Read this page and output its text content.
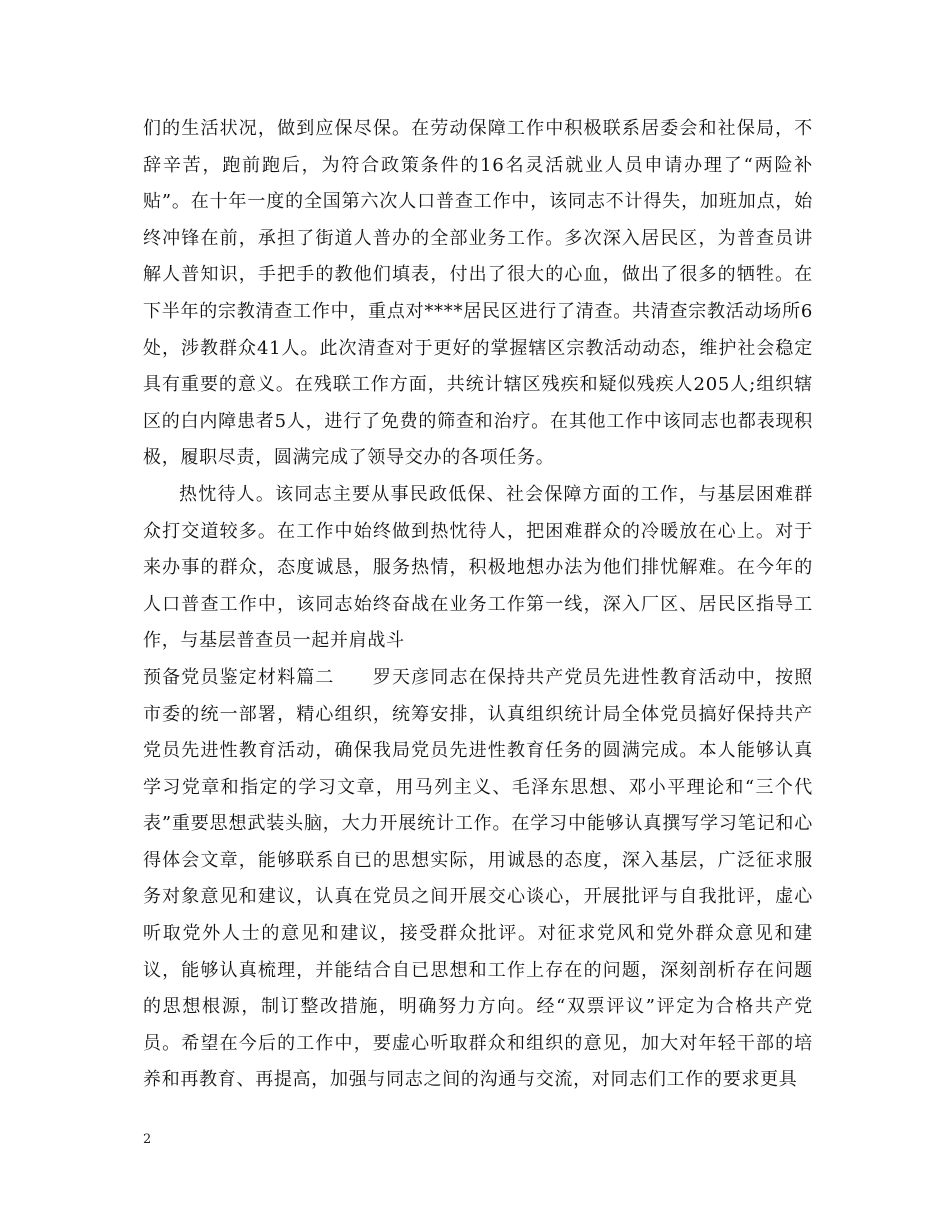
们的生活状况，做到应保尽保。在劳动保障工作中积极联系居委会和社保局，不辞辛苦，跑前跑后，为符合政策条件的16名灵活就业人员申请办理了“两险补贴”。在十年一度的全国第六次人口普查工作中，该同志不计得失，加班加点，始终冲锋在前，承担了街道人普办的全部业务工作。多次深入居民区，为普查员讲解人普知识，手把手的教他们填表，付出了很大的心血，做出了很多的牺牲。在下半年的宗教清查工作中，重点对****居民区进行了清查。共清查宗教活动场所6处，涉教群众41人。此次清查对于更好的掌握辖区宗教活动动态，维护社会稳定具有重要的意义。在残联工作方面，共统计辖区残疾和疑似残疾人205人;组织辖区的白内障患者5人，进行了免费的筛查和治疗。在其他工作中该同志也都表现积极，履职尽责，圆满完成了领导交办的各项任务。

热忱待人。该同志主要从事民政低保、社会保障方面的工作，与基层困难群众打交道较多。在工作中始终做到热忱待人，把困难群众的冷暖放在心上。对于来办事的群众，态度诚恳，服务热情，积极地想办法为他们排忧解难。在今年的人口普查工作中，该同志始终奋战在业务工作第一线，深入厂区、居民区指导工作，与基层普查员一起并肩战斗

预备党员鉴定材料篇二　　罗天彦同志在保持共产党员先进性教育活动中，按照市委的统一部署，精心组织，统筹安排，认真组织统计局全体党员搞好保持共产党员先进性教育活动，确保我局党员先进性教育任务的圆满完成。本人能够认真学习党章和指定的学习文章，用马列主义、毛泽东思想、邓小平理论和“三个代表”重要思想武装头脑，大力开展统计工作。在学习中能够认真撰写学习笔记和心得体会文章，能够联系自已的思想实际，用诚恳的态度，深入基层，广泛征求服务对象意见和建议，认真在党员之间开展交心谈心，开展批评与自我批评，虚心听取党外人士的意见和建议，接受群众批评。对征求党风和党外群众意见和建议，能够认真梳理，并能结合自已思想和工作上存在的问题，深刻剖析存在问题的思想根源，制订整改措施，明确努力方向。经“双票评议”评定为合格共产党员。希望在今后的工作中，要虚心听取群众和组织的意见，加大对年轻干部的培养和再教育、再提高，加强与同志之间的沟通与交流，对同志们工作的要求更具

2
